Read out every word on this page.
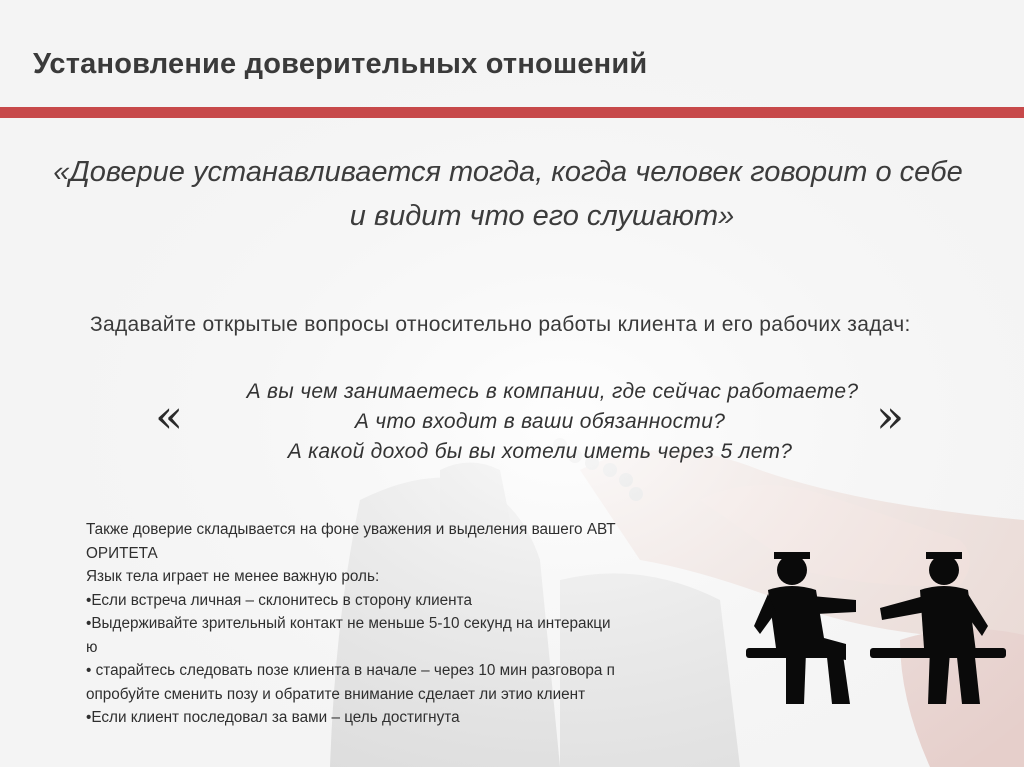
Установление доверительных отношений
«Доверие устанавливается тогда, когда человек говорит о себе
и видит что его слушают»
Задавайте открытые вопросы относительно работы клиента и его рабочих задач:
«	»
А вы чем занимаетесь в компании, где сейчас работаете?
А что входит в ваши обязанности?
А какой доход бы вы хотели иметь через 5 лет?
Также доверие складывается на фоне уважения и выделения вашего АВТ
ОРИТЕТА
Язык тела играет не менее важную роль:
•Если встреча личная – склонитесь в сторону клиента
•Выдерживайте зрительный контакт не меньше 5-10 секунд на интеракци
ю
• старайтесь следовать позе клиента в начале – через 10 мин разговора п
опробуйте сменить позу и обратите внимание сделает ли этио клиент
•Если клиент последовал за вами – цель достигнута
